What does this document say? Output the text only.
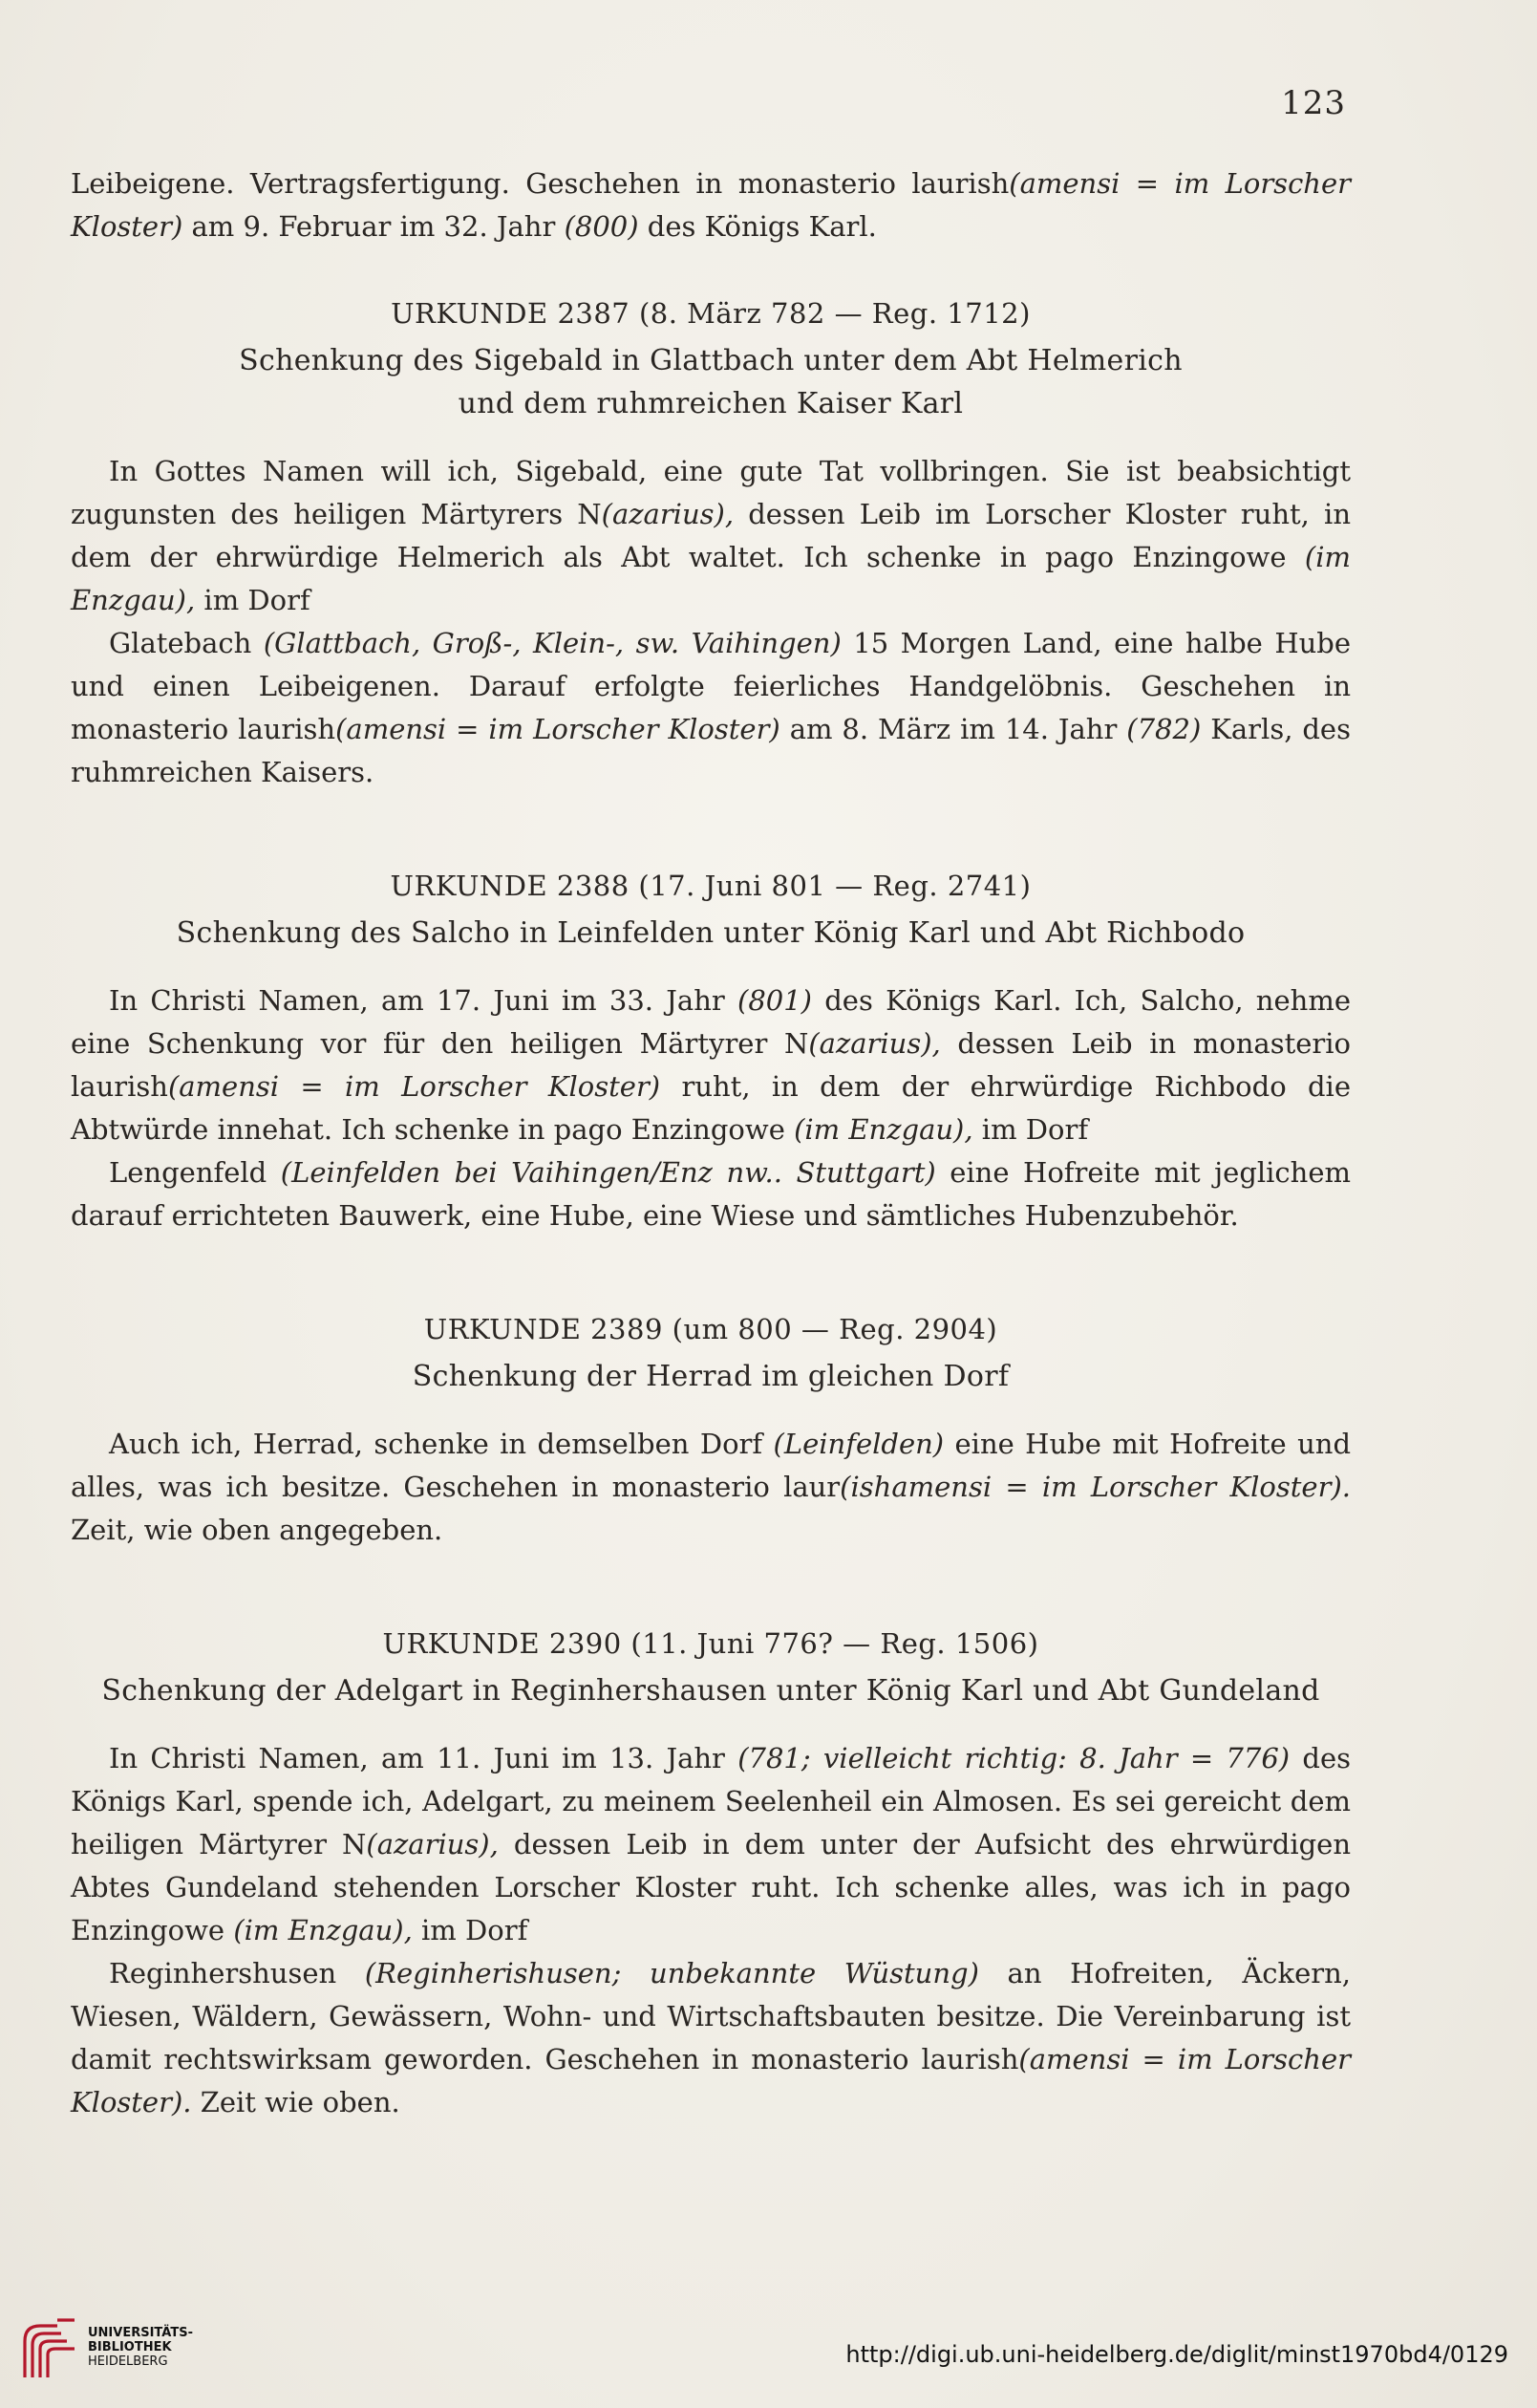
123

Leibeigene. Vertragsfertigung. Geschehen in monasterio laurish(amensi = im Lorscher Kloster) am 9. Februar im 32. Jahr (800) des Königs Karl.

URKUNDE 2387 (8. März 782 — Reg. 1712)

Schenkung des Sigebald in Glattbach unter dem Abt Helmerich
und dem ruhmreichen Kaiser Karl

In Gottes Namen will ich, Sigebald, eine gute Tat vollbringen. Sie ist beabsichtigt zugunsten des heiligen Märtyrers N(azarius), dessen Leib im Lorscher Kloster ruht, in dem der ehrwürdige Helmerich als Abt waltet. Ich schenke in pago Enzingowe (im Enzgau), im Dorf

Glatebach (Glattbach, Groß-, Klein-, sw. Vaihingen) 15 Morgen Land, eine halbe Hube und einen Leibeigenen. Darauf erfolgte feierliches Handgelöbnis. Geschehen in monasterio laurish(amensi = im Lorscher Kloster) am 8. März im 14. Jahr (782) Karls, des ruhmreichen Kaisers.

URKUNDE 2388 (17. Juni 801 — Reg. 2741)

Schenkung des Salcho in Leinfelden unter König Karl und Abt Richbodo

In Christi Namen, am 17. Juni im 33. Jahr (801) des Königs Karl. Ich, Salcho, nehme eine Schenkung vor für den heiligen Märtyrer N(azarius), dessen Leib in monasterio laurish(amensi = im Lorscher Kloster) ruht, in dem der ehrwürdige Richbodo die Abtwürde innehat. Ich schenke in pago Enzingowe (im Enzgau), im Dorf

Lengenfeld (Leinfelden bei Vaihingen/Enz nw.. Stuttgart) eine Hofreite mit jeglichem darauf errichteten Bauwerk, eine Hube, eine Wiese und sämtliches Hubenzubehör.

URKUNDE 2389 (um 800 — Reg. 2904)

Schenkung der Herrad im gleichen Dorf

Auch ich, Herrad, schenke in demselben Dorf (Leinfelden) eine Hube mit Hofreite und alles, was ich besitze. Geschehen in monasterio laur(ishamensi = im Lorscher Kloster). Zeit, wie oben angegeben.

URKUNDE 2390 (11. Juni 776? — Reg. 1506)

Schenkung der Adelgart in Reginhershausen unter König Karl und Abt Gundeland

In Christi Namen, am 11. Juni im 13. Jahr (781; vielleicht richtig: 8. Jahr = 776) des Königs Karl, spende ich, Adelgart, zu meinem Seelenheil ein Almosen. Es sei gereicht dem heiligen Märtyrer N(azarius), dessen Leib in dem unter der Aufsicht des ehrwürdigen Abtes Gundeland stehenden Lorscher Kloster ruht. Ich schenke alles, was ich in pago Enzingowe (im Enzgau), im Dorf

Reginhershusen (Reginherishusen; unbekannte Wüstung) an Hofreiten, Äckern, Wiesen, Wäldern, Gewässern, Wohn- und Wirtschaftsbauten besitze. Die Vereinbarung ist damit rechtswirksam geworden. Geschehen in monasterio laurish(amensi = im Lorscher Kloster). Zeit wie oben.

UNIVERSITÄTS-
BIBLIOTHEK
HEIDELBERG	http://digi.ub.uni-heidelberg.de/diglit/minst1970bd4/0129
